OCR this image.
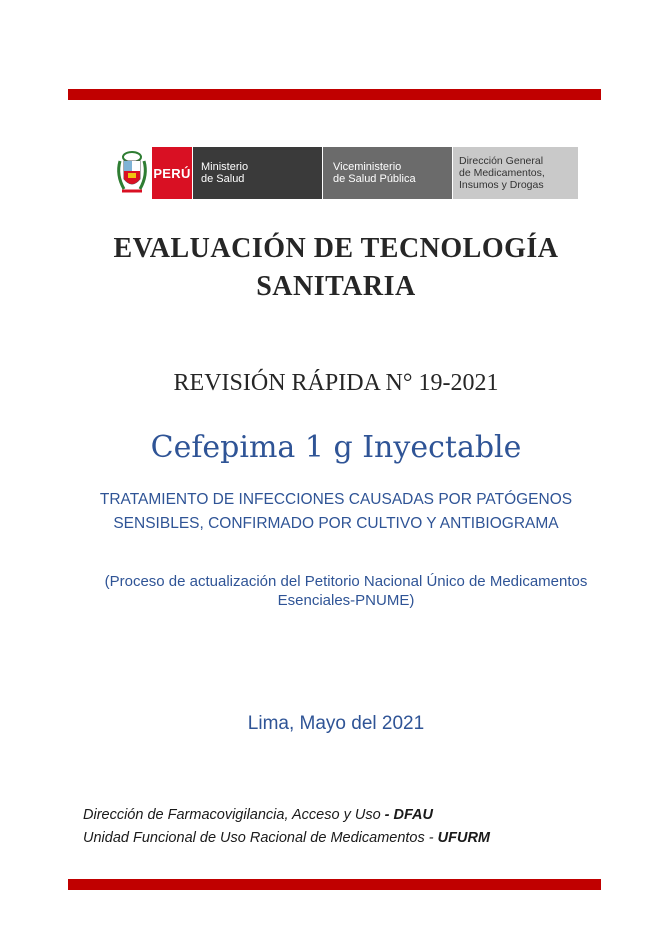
PERÚ Ministerio
de Salud
Viceministerio
de Salud Pública
Dirección General
de Medicamentos,
Insumos y Drogas
EVALUACIÓN DE TECNOLOGÍA
SANITARIA
REVISIÓN RÁPIDA N° 19-2021
Cefepima 1 g Inyectable
TRATAMIENTO DE INFECCIONES CAUSADAS POR PATÓGENOS
SENSIBLES, CONFIRMADO POR CULTIVO Y ANTIBIOGRAMA
(Proceso de actualización del Petitorio Nacional Único de Medicamentos
Esenciales-PNUME)
Lima, Mayo del 2021
Dirección de Farmacovigilancia, Acceso y Uso - DFAU
Unidad Funcional de Uso Racional de Medicamentos - UFURM
